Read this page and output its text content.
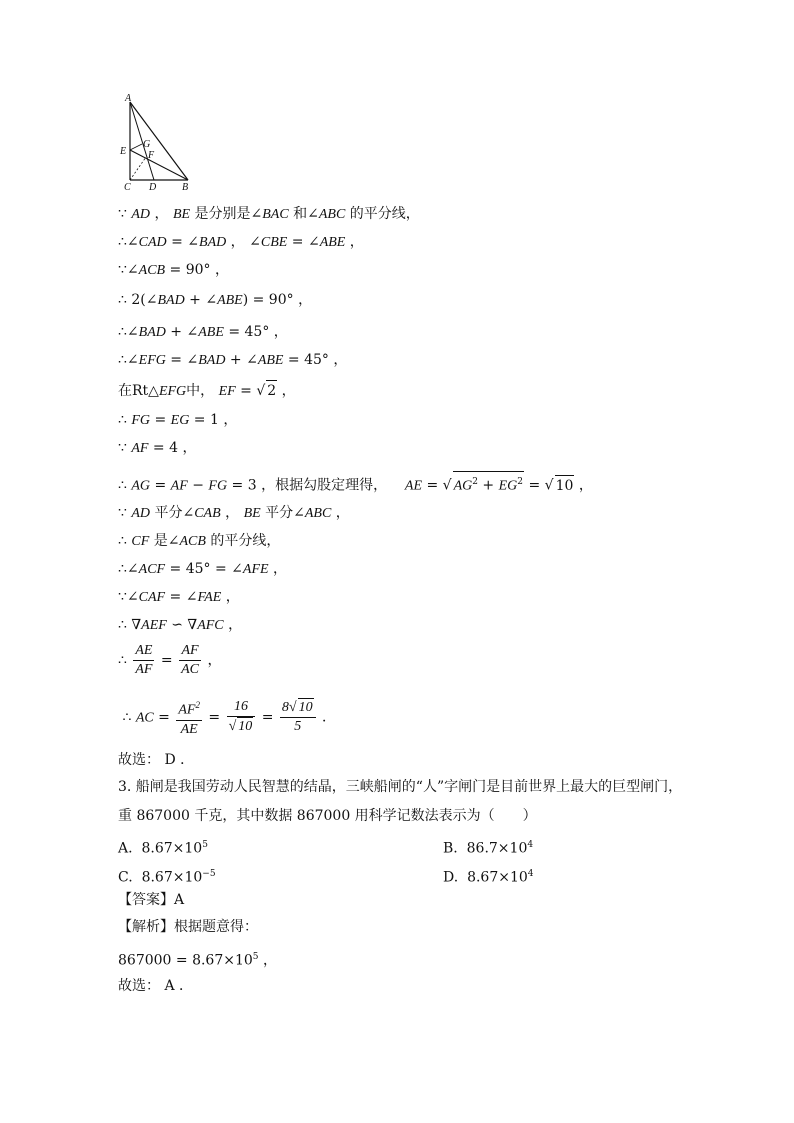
A
G
E F
C D	B
∵ AD ， BE 是分别是∠BAC 和∠ABC 的平分线，
∴∠CAD = ∠BAD ， ∠CBE = ∠ABE ，
∵∠ACB = 90° ，
∴ 2(∠BAD + ∠ABE) = 90° ，
∴∠BAD + ∠ABE = 45° ，
∴∠EFG = ∠BAD + ∠ABE = 45° ，
在Rt△EFG中， EF = √ 2 ，
∴ FG = EG = 1 ，
∵ AF = 4 ，
∴ AG = AF − FG = 3 ，根据勾股定理得，    AE = √ $AG^2 + EG^2$ = √ 10 ，
∵ AD 平分∠CAB ， BE 平分∠ABC ，
∴ CF 是∠ACB 的平分线，
∴∠ACF = 45° = ∠AFE ，
∵∠CAF = ∠FAE ，
∴ ∇AEF ∽ ∇AFC ，
∴ $\frac{AE}{AF} = \frac{AF}{AC}$ ，
∴ AC = $\frac{AF^2}{AE} = \frac{16}{√ 10} = \frac{8√ 10}{5}$ ．
故选： D ．
3. 船闸是我国劳动人民智慧的结晶，三峡船闸的“人”字闸门是目前世界上最大的巨型闸门，
重 867000 千克，其中数据 867000 用科学记数法表示为（　　）
A.  $8.67\times 10^5$	B.  $86.7\times 10^4$
C.  $8.67\times 10^{-5}$	D.  $8.67\times 10^4$
【答案】A
【解析】根据题意得：
$867000 = 8.67\times 10^5$ ，
故选： A ．
